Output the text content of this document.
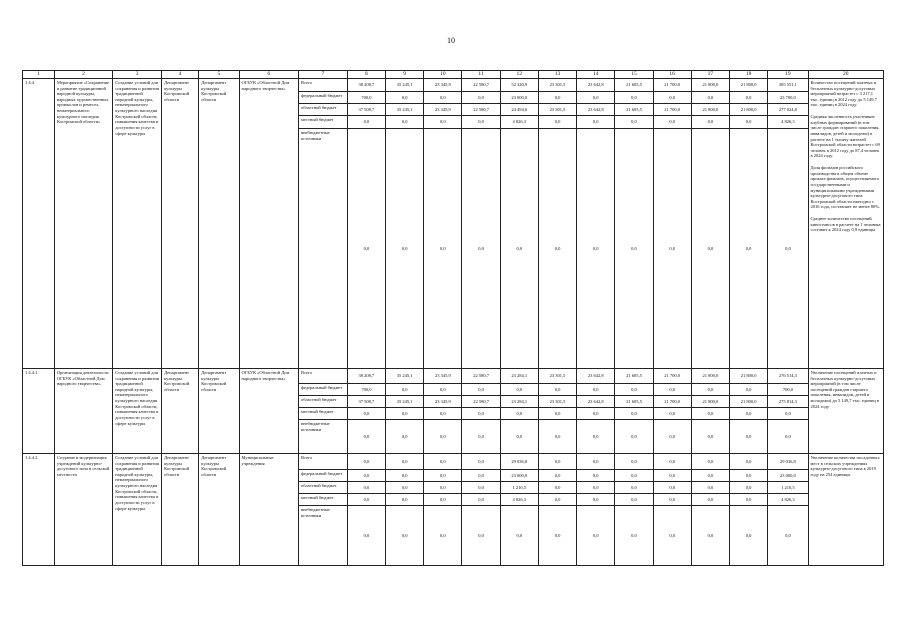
10
1	2	3	4	5	6	7	8	9	10	11	12	13	14	15	16	17	18	19	20
1.4.4.	Мероприятие «Сохранение и развитие традиционной народной культуры, народных художественных промыслов и ремесел, нематериального культурного наследия Костромской области»	Создание условий для сохранения и развития традиционной народной культуры, нематериального культурного наследия Костромской области, повышения качества и доступности услуг в сфере культуры	Департамент культуры Костромской области	Департамент культуры Костромской области	ОГБУК «Областной Дом народного творчества»	Всего	38 208,7	35 245,1	23 345,9	22 580,7	52 320,9	23 301,5	23 642,8	21 605,5	21 700,0	21 800,0	21 800,0	305 551,1	Количество посещений платных и бесплатных культурно-досуговых мероприятий возрастет с 3 217,1 тыс. единиц в 2012 году до 5 149,7 тыс. единиц в 2024 году.

Средняя численность участников клубных формирований (в том числе граждан старшего поколения, инвалидов, детей и молодежи) в расчете на 1 тысячу жителей Костромской области возрастет с 69 человек в 2012 году до 87,4 человек в 2024 году.

Доля фильмов российского производства в общем объеме проката фильмов, осуществляемого государственными и муниципальными учреждениями культурно-досугового типа Костромской области ежегодно с 2016 года, составляет не менее 80%.

Среднее количество посещений киносеансов в расчете на 1 человека составит к 2024 году 0,9 единицы

						федеральный бюджет	700,0	0,0	0,0	0,0	23 000,0	0,0	0,0	0,0	0,0	0,0	0,0	23 700,0	
						областной бюджет	37 508,7	35 245,1	23 345,9	22 580,7	24 494,6	23 301,5	23 642,8	21 605,5	21 700,0	21 800,0	21 800,0	277 024,8	
						местный бюджет	0,0	0,0	0,0	0,0	4 826,3	0,0	0,0	0,0	0,0	0,0	0,0	4 826,3	
						внебюджетные источники	0,0	0,0	0,0	0,0	0,0	0,0	0,0	0,0	0,0	0,0	0,0	0,0	
1.4.4.1.	Организация деятельности ОГБУК «Областной Дом народного творчества»	Создание условий для сохранения и развития традиционной народной культуры, нематериального культурного наследия Костромской области, повышения качества и доступности услуг в сфере культуры	Департамент культуры Костромской области	Департамент культуры Костромской области	ОГБУК «Областной Дом народного творчества»	Всего	38 208,7	35 245,1	23 345,9	22 580,7	23 284,1	23 301,5	23 642,8	21 605,5	21 700,0	21 800,0	21 800,0	276 514,3	Увеличение посещений платных и бесплатных культурно-досуговых мероприятий (в том числе посещений граждан старшего поколения, инвалидов, детей и молодежи) до 5 149,7 тыс. единиц в 2024 году

						федеральный бюджет	700,0	0,0	0,0	0,0	0,0	0,0	0,0	0,0	0,0	0,0	0,0	700,0	
						областной бюджет	37 508,7	35 245,1	23 345,9	22 580,7	23 284,1	23 301,5	23 642,8	21 605,5	21 700,0	21 800,0	21 800,0	275 814,3	
						местный бюджет	0,0	0,0	0,0	0,0	0,0	0,0	0,0	0,0	0,0	0,0	0,0	0,0	
						внебюджетные источники	0,0	0,0	0,0	0,0	0,0	0,0	0,0	0,0	0,0	0,0	0,0	0,0	
1.4.4.2.	Создание и модернизация учреждений культурно-досугового типа в сельской местности	Создание условий для сохранения и развития традиционной народной культуры, нематериального культурного наследия Костромской области, повышения качества и доступности услуг в сфере культуры	Департамент культуры Костромской области	Департамент культуры Костромской области	Муниципальные учреждения	Всего	0,0	0,0	0,0	0,0	29 036,8	0,0	0,0	0,0	0,0	0,0	0,0	29 036,8	Увеличение количества посадочных мест в сельских учреждениях культурно-досугового типа к 2019 году на 254 единицы

						федеральный бюджет	0,0	0,0	0,0	0,0	23 000,0	0,0	0,0	0,0	0,0	0,0	0,0	23 000,0	
						областной бюджет	0,0	0,0	0,0	0,0	1 210,5	0,0	0,0	0,0	0,0	0,0	0,0	1 210,5	
						местный бюджет	0,0	0,0	0,0	0,0	4 826,3	0,0	0,0	0,0	0,0	0,0	0,0	4 826,3	
						внебюджетные источники	0,0	0,0	0,0	0,0	0,0	0,0	0,0	0,0	0,0	0,0	0,0	0,0	
